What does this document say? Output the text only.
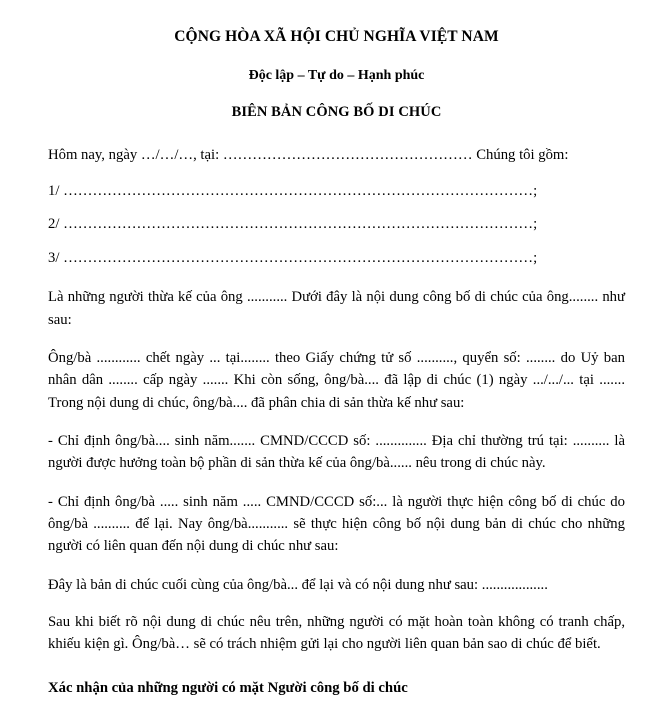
CỘNG HÒA XÃ HỘI CHỦ NGHĨA VIỆT NAM
Độc lập – Tự do – Hạnh phúc
BIÊN BẢN CÔNG BỐ DI CHÚC

Hôm nay, ngày …/…/…, tại: …………………………………………… Chúng tôi gồm:

1/ ……………………………………………………………………………………;

2/ ……………………………………………………………………………………;

3/ ……………………………………………………………………………………;

Là những người thừa kế của ông ........... Dưới đây là nội dung công bố di chúc của ông........ như sau:

Ông/bà ............ chết ngày ... tại........ theo Giấy chứng tử số .........., quyển số: ........ do Uỷ ban nhân dân ........ cấp ngày ....... Khi còn sống, ông/bà.... đã lập di chúc (1) ngày .../.../... tại ....... Trong nội dung di chúc, ông/bà.... đã phân chia di sản thừa kế như sau:

- Chỉ định ông/bà.... sinh năm....... CMND/CCCD số: .............. Địa chỉ thường trú tại: .......... là người được hưởng toàn bộ phần di sản thừa kế của ông/bà...... nêu trong di chúc này.

- Chỉ định ông/bà ..... sinh năm ..... CMND/CCCD số:... là người thực hiện công bố di chúc do ông/bà .......... để lại. Nay ông/bà........... sẽ thực hiện công bố nội dung bản di chúc cho những người có liên quan đến nội dung di chúc như sau:

Đây là bản di chúc cuối cùng của ông/bà... để lại và có nội dung như sau: ..................

Sau khi biết rõ nội dung di chúc nêu trên, những người có mặt hoàn toàn không có tranh chấp, khiếu kiện gì. Ông/bà… sẽ có trách nhiệm gửi lại cho người liên quan bản sao di chúc để biết.

Xác nhận của những người có mặt Người công bố di chúc
